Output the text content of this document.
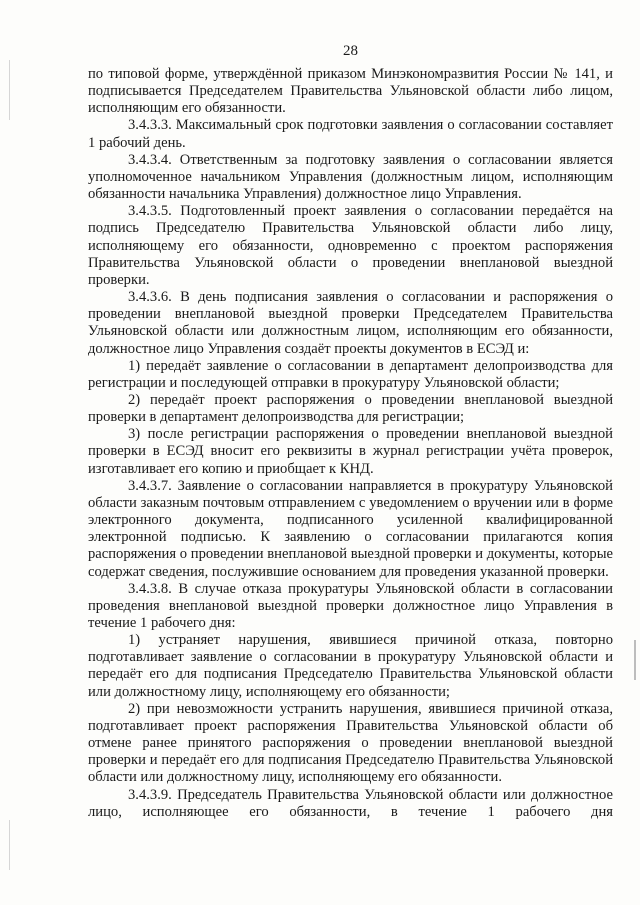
28

по типовой форме, утверждённой приказом Минэкономразвития России № 141, и подписывается Председателем Правительства Ульяновской области либо лицом, исполняющим его обязанности.

3.4.3.3. Максимальный срок подготовки заявления о согласовании составляет 1 рабочий день.

3.4.3.4. Ответственным за подготовку заявления о согласовании является уполномоченное начальником Управления (должностным лицом, исполняющим обязанности начальника Управления) должностное лицо Управления.

3.4.3.5. Подготовленный проект заявления о согласовании передаётся на подпись Председателю Правительства Ульяновской области либо лицу, исполняющему его обязанности, одновременно с проектом распоряжения Правительства Ульяновской области о проведении внеплановой выездной проверки.

3.4.3.6. В день подписания заявления о согласовании и распоряжения о проведении внеплановой выездной проверки Председателем Правительства Ульяновской области или должностным лицом, исполняющим его обязанности, должностное лицо Управления создаёт проекты документов в ЕСЭД и:

1) передаёт заявление о согласовании в департамент делопроизводства для регистрации и последующей отправки в прокуратуру Ульяновской области;

2) передаёт проект распоряжения о проведении внеплановой выездной проверки в департамент делопроизводства для регистрации;

3) после регистрации распоряжения о проведении внеплановой выездной проверки в ЕСЭД вносит его реквизиты в журнал регистрации учёта проверок, изготавливает его копию и приобщает к КНД.

3.4.3.7. Заявление о согласовании направляется в прокуратуру Ульяновской области заказным почтовым отправлением с уведомлением о вручении или в форме электронного документа, подписанного усиленной квалифицированной электронной подписью. К заявлению о согласовании прилагаются копия распоряжения о проведении внеплановой выездной проверки и документы, которые содержат сведения, послужившие основанием для проведения указанной проверки.

3.4.3.8. В случае отказа прокуратуры Ульяновской области в согласовании проведения внеплановой выездной проверки должностное лицо Управления в течение 1 рабочего дня:

1) устраняет нарушения, явившиеся причиной отказа, повторно подготавливает заявление о согласовании в прокуратуру Ульяновской области и передаёт его для подписания Председателю Правительства Ульяновской области или должностному лицу, исполняющему его обязанности;

2) при невозможности устранить нарушения, явившиеся причиной отказа, подготавливает проект распоряжения Правительства Ульяновской области об отмене ранее принятого распоряжения о проведении внеплановой выездной проверки и передаёт его для подписания Председателю Правительства Ульяновской области или должностному лицу, исполняющему его обязанности.

3.4.3.9. Председатель Правительства Ульяновской области или должностное лицо, исполняющее его обязанности, в течение 1 рабочего дня
